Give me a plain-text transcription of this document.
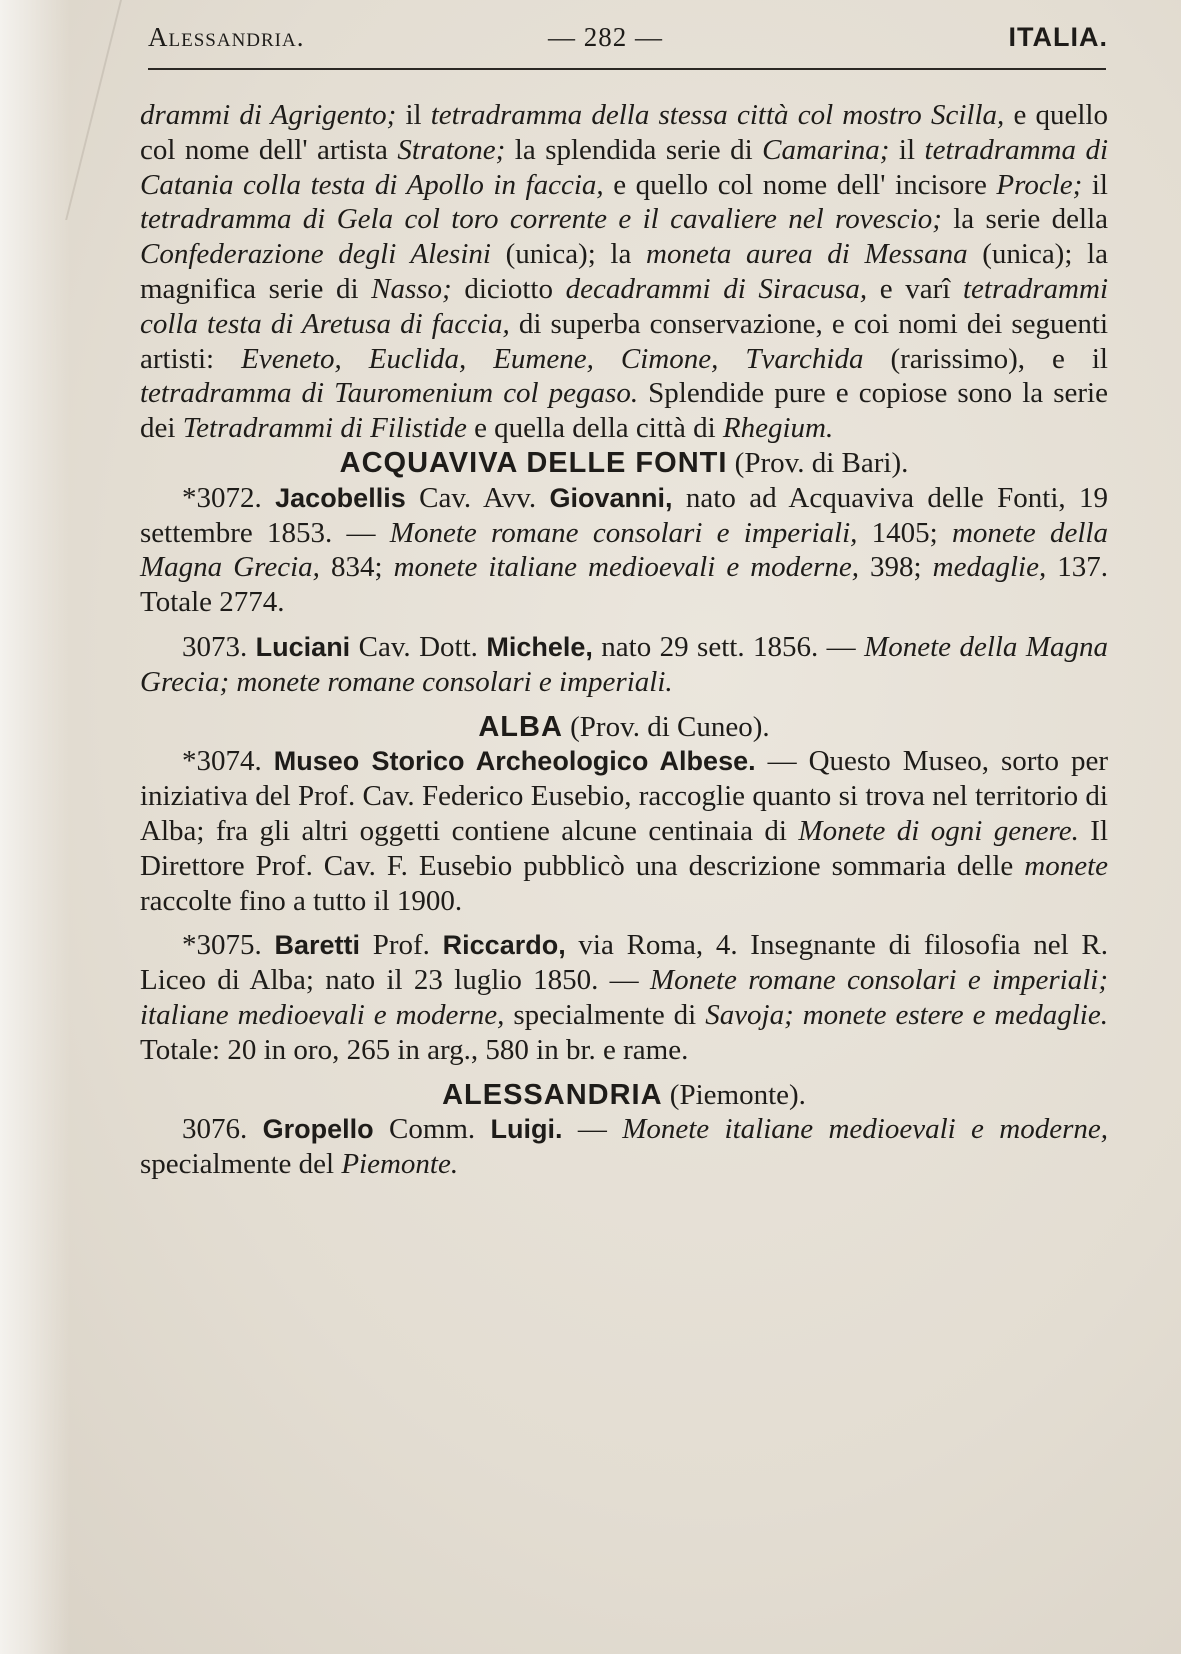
Alessandria.	— 282 —	ITALIA.

drammi di Agrigento; il tetradramma della stessa città col mostro Scilla, e quello col nome dell' artista Stratone; la splendida serie di Camarina; il tetradramma di Catania colla testa di Apollo in faccia, e quello col nome dell' incisore Procle; il tetradramma di Gela col toro corrente e il cavaliere nel rovescio; la serie della Confederazione degli Alesini (unica); la moneta aurea di Messana (unica); la magnifica serie di Nasso; diciotto decadrammi di Siracusa, e varî tetradrammi colla testa di Aretusa di faccia, di superba conservazione, e coi nomi dei seguenti artisti: Eveneto, Euclida, Eumene, Cimone, Tvarchida (rarissimo), e il tetradramma di Tauromenium col pegaso. Splendide pure e copiose sono la serie dei Tetradrammi di Filistide e quella della città di Rhegium.

ACQUAVIVA DELLE FONTI (Prov. di Bari).

*3072. Jacobellis Cav. Avv. Giovanni, nato ad Acquaviva delle Fonti, 19 settembre 1853. — Monete romane consolari e imperiali, 1405; monete della Magna Grecia, 834; monete italiane medioevali e moderne, 398; medaglie, 137. Totale 2774.

3073. Luciani Cav. Dott. Michele, nato 29 sett. 1856. — Monete della Magna Grecia; monete romane consolari e imperiali.

ALBA (Prov. di Cuneo).

*3074. Museo Storico Archeologico Albese. — Questo Museo, sorto per iniziativa del Prof. Cav. Federico Eusebio, raccoglie quanto si trova nel territorio di Alba; fra gli altri oggetti contiene alcune centinaia di Monete di ogni genere. Il Direttore Prof. Cav. F. Eusebio pubblicò una descrizione sommaria delle monete raccolte fino a tutto il 1900.

*3075. Baretti Prof. Riccardo, via Roma, 4. Insegnante di filosofia nel R. Liceo di Alba; nato il 23 luglio 1850. — Monete romane consolari e imperiali; italiane medioevali e moderne, specialmente di Savoja; monete estere e medaglie. Totale: 20 in oro, 265 in arg., 580 in br. e rame.

ALESSANDRIA (Piemonte).

3076. Gropello Comm. Luigi. — Monete italiane medioevali e moderne, specialmente del Piemonte.
